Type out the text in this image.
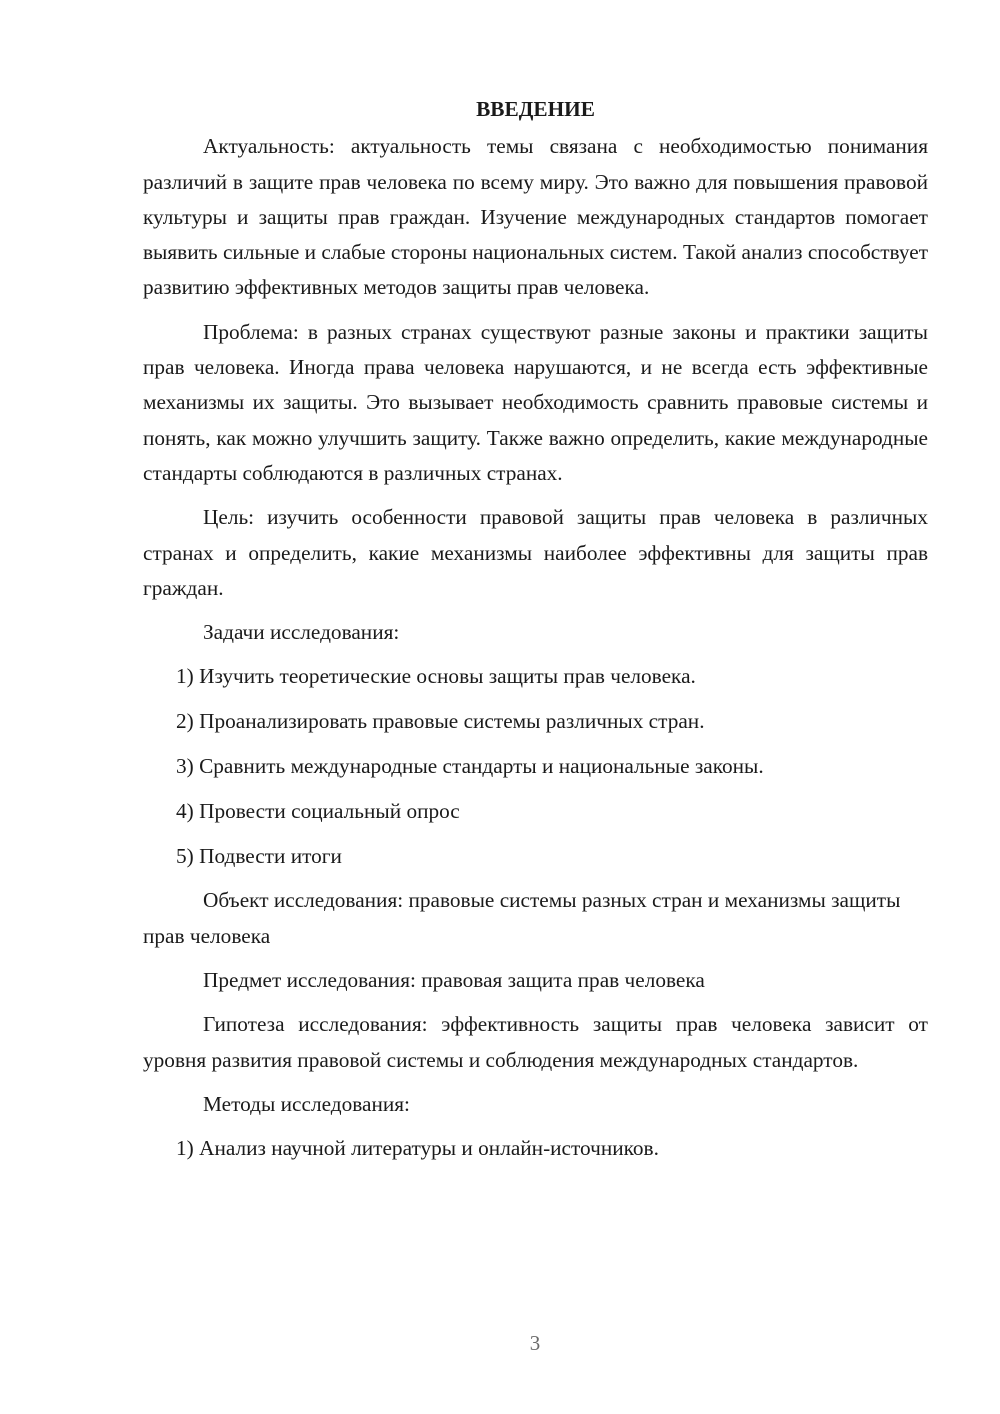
ВВЕДЕНИЕ

Актуальность: актуальность темы связана с необходимостью понимания различий в защите прав человека по всему миру. Это важно для повышения правовой культуры и защиты прав граждан. Изучение международных стандартов помогает выявить сильные и слабые стороны национальных систем. Такой анализ способствует развитию эффективных методов защиты прав человека.

Проблема: в разных странах существуют разные законы и практики защиты прав человека. Иногда права человека нарушаются, и не всегда есть эффективные механизмы их защиты. Это вызывает необходимость сравнить правовые системы и понять, как можно улучшить защиту. Также важно определить, какие международные стандарты соблюдаются в различных странах.

Цель: изучить особенности правовой защиты прав человека в различных странах и определить, какие механизмы наиболее эффективны для защиты прав граждан.

Задачи исследования:

1) Изучить теоретические основы защиты прав человека.
2) Проанализировать правовые системы различных стран.
3) Сравнить международные стандарты и национальные законы.
4) Провести социальный опрос
5) Подвести итоги

Объект исследования: правовые системы разных стран и механизмы защиты прав человека

Предмет исследования: правовая защита прав человека

Гипотеза исследования: эффективность защиты прав человека зависит от уровня развития правовой системы и соблюдения международных стандартов.

Методы исследования:

1) Анализ научной литературы и онлайн-источников.
3
